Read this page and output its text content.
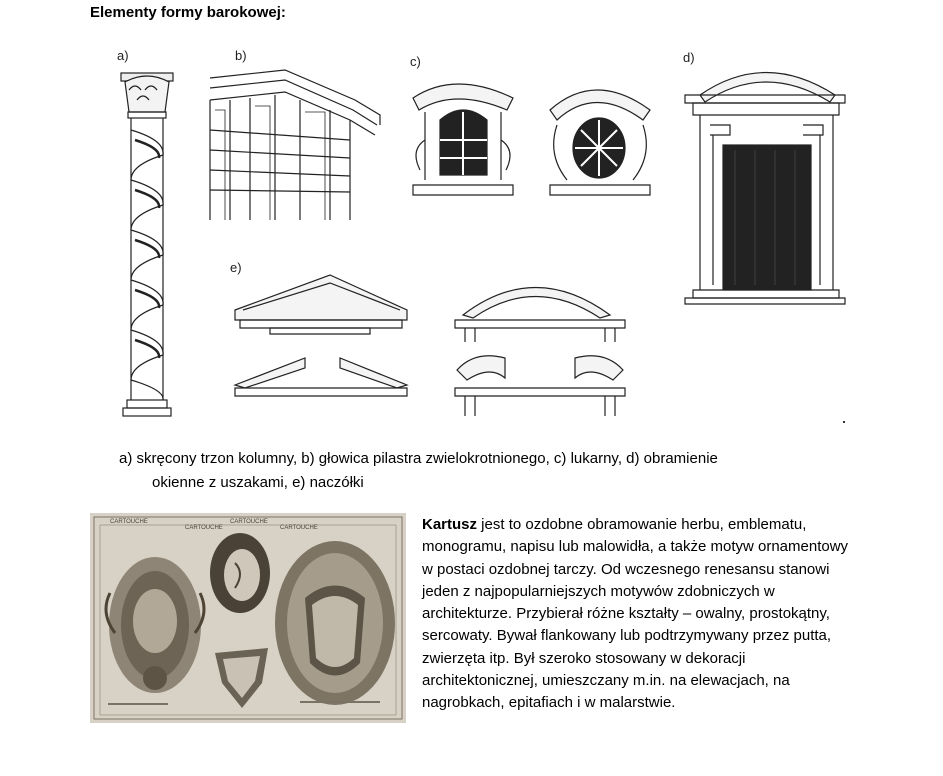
Elementy formy barokowej:
a)	b)	c)	d)
e)
a) skręcony trzon kolumny, b) głowica pilastra zwielokrotnionego, c) lukarny, d) obramienie
okienne z uszakami, e) naczółki
CARTOUCHE
CARTOUCHE
CARTOUCHE
CARTOUCHE	Kartusz jest to ozdobne obramowanie herbu, emblematu, monogramu, napisu lub malowidła, a także motyw ornamentowy w postaci ozdobnej tarczy. Od wczesnego renesansu stanowi jeden z najpopularniejszych motywów zdobniczych w architekturze. Przybierał różne kształty – owalny, prostokątny, sercowaty. Bywał flankowany lub podtrzymywany przez putta, zwierzęta itp. Był szeroko stosowany w dekoracji architektonicznej, umieszczany m.in. na elewacjach, na nagrobkach, epitafiach i w malarstwie.
